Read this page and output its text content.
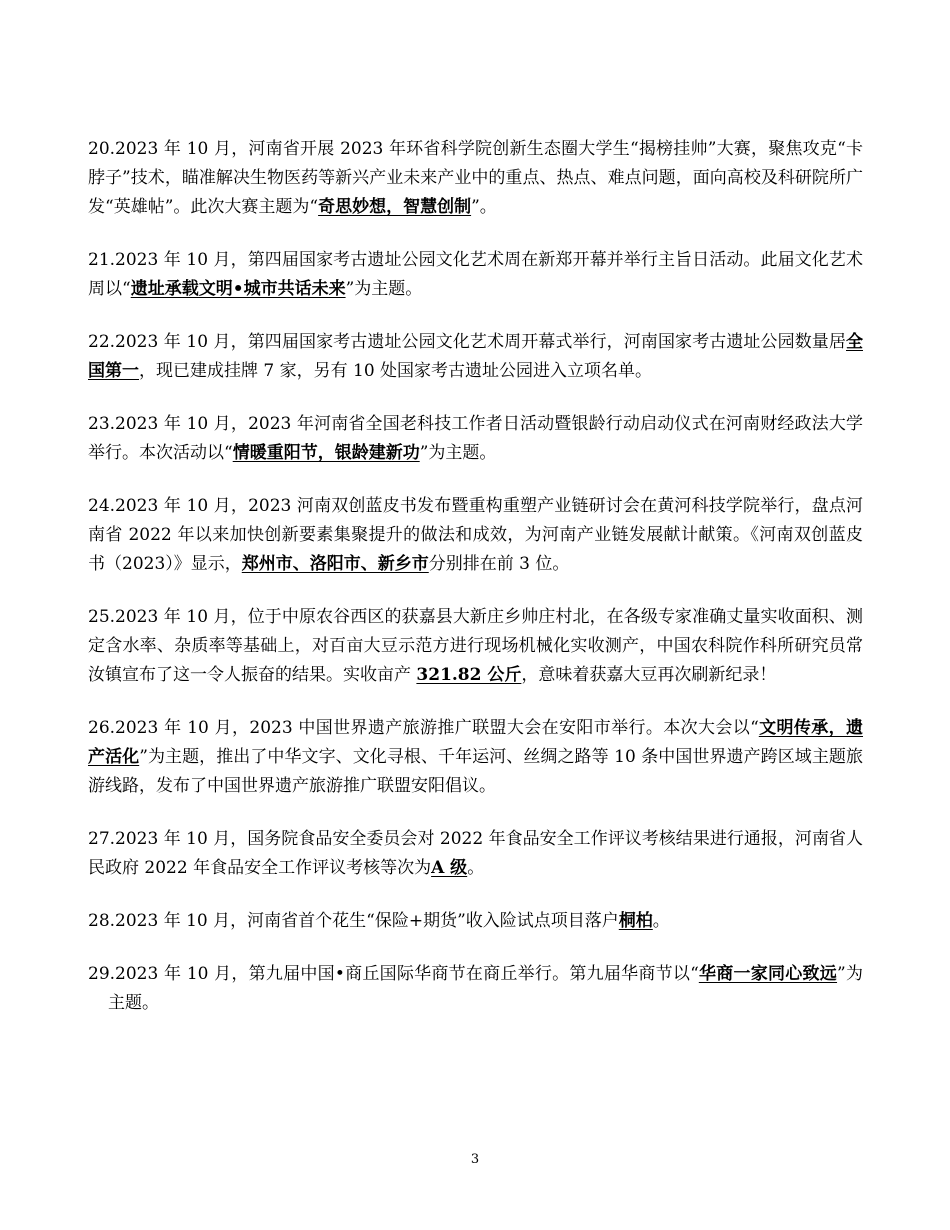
20.2023 年 10 月，河南省开展 2023 年环省科学院创新生态圈大学生“揭榜挂帅”大赛，聚焦攻克“卡脖子”技术，瞄准解决生物医药等新兴产业未来产业中的重点、热点、难点问题，面向高校及科研院所广发“英雄帖”。此次大赛主题为“奇思妙想，智慧创制”。

21.2023 年 10 月，第四届国家考古遗址公园文化艺术周在新郑开幕并举行主旨日活动。此届文化艺术周以“遗址承载文明•城市共话未来”为主题。

22.2023 年 10 月，第四届国家考古遗址公园文化艺术周开幕式举行，河南国家考古遗址公园数量居全国第一，现已建成挂牌 7 家，另有 10 处国家考古遗址公园进入立项名单。

23.2023 年 10 月，2023 年河南省全国老科技工作者日活动暨银龄行动启动仪式在河南财经政法大学举行。本次活动以“情暖重阳节，银龄建新功”为主题。

24.2023 年 10 月，2023 河南双创蓝皮书发布暨重构重塑产业链研讨会在黄河科技学院举行，盘点河南省 2022 年以来加快创新要素集聚提升的做法和成效，为河南产业链发展献计献策。《河南双创蓝皮书（2023）》显示，郑州市、洛阳市、新乡市分别排在前 3 位。

25.2023 年 10 月，位于中原农谷西区的获嘉县大新庄乡帅庄村北，在各级专家准确丈量实收面积、测定含水率、杂质率等基础上，对百亩大豆示范方进行现场机械化实收测产，中国农科院作科所研究员常汝镇宣布了这一令人振奋的结果。实收亩产 321.82 公斤，意味着获嘉大豆再次刷新纪录！

26.2023 年 10 月，2023 中国世界遗产旅游推广联盟大会在安阳市举行。本次大会以“文明传承，遗产活化”为主题，推出了中华文字、文化寻根、千年运河、丝绸之路等 10 条中国世界遗产跨区域主题旅游线路，发布了中国世界遗产旅游推广联盟安阳倡议。

27.2023 年 10 月，国务院食品安全委员会对 2022 年食品安全工作评议考核结果进行通报，河南省人民政府 2022 年食品安全工作评议考核等次为A 级。

28.2023 年 10 月，河南省首个花生“保险+期货”收入险试点项目落户桐柏。

29.2023 年 10 月，第九届中国•商丘国际华商节在商丘举行。第九届华商节以“华商一家同心致远”为主题。

3
